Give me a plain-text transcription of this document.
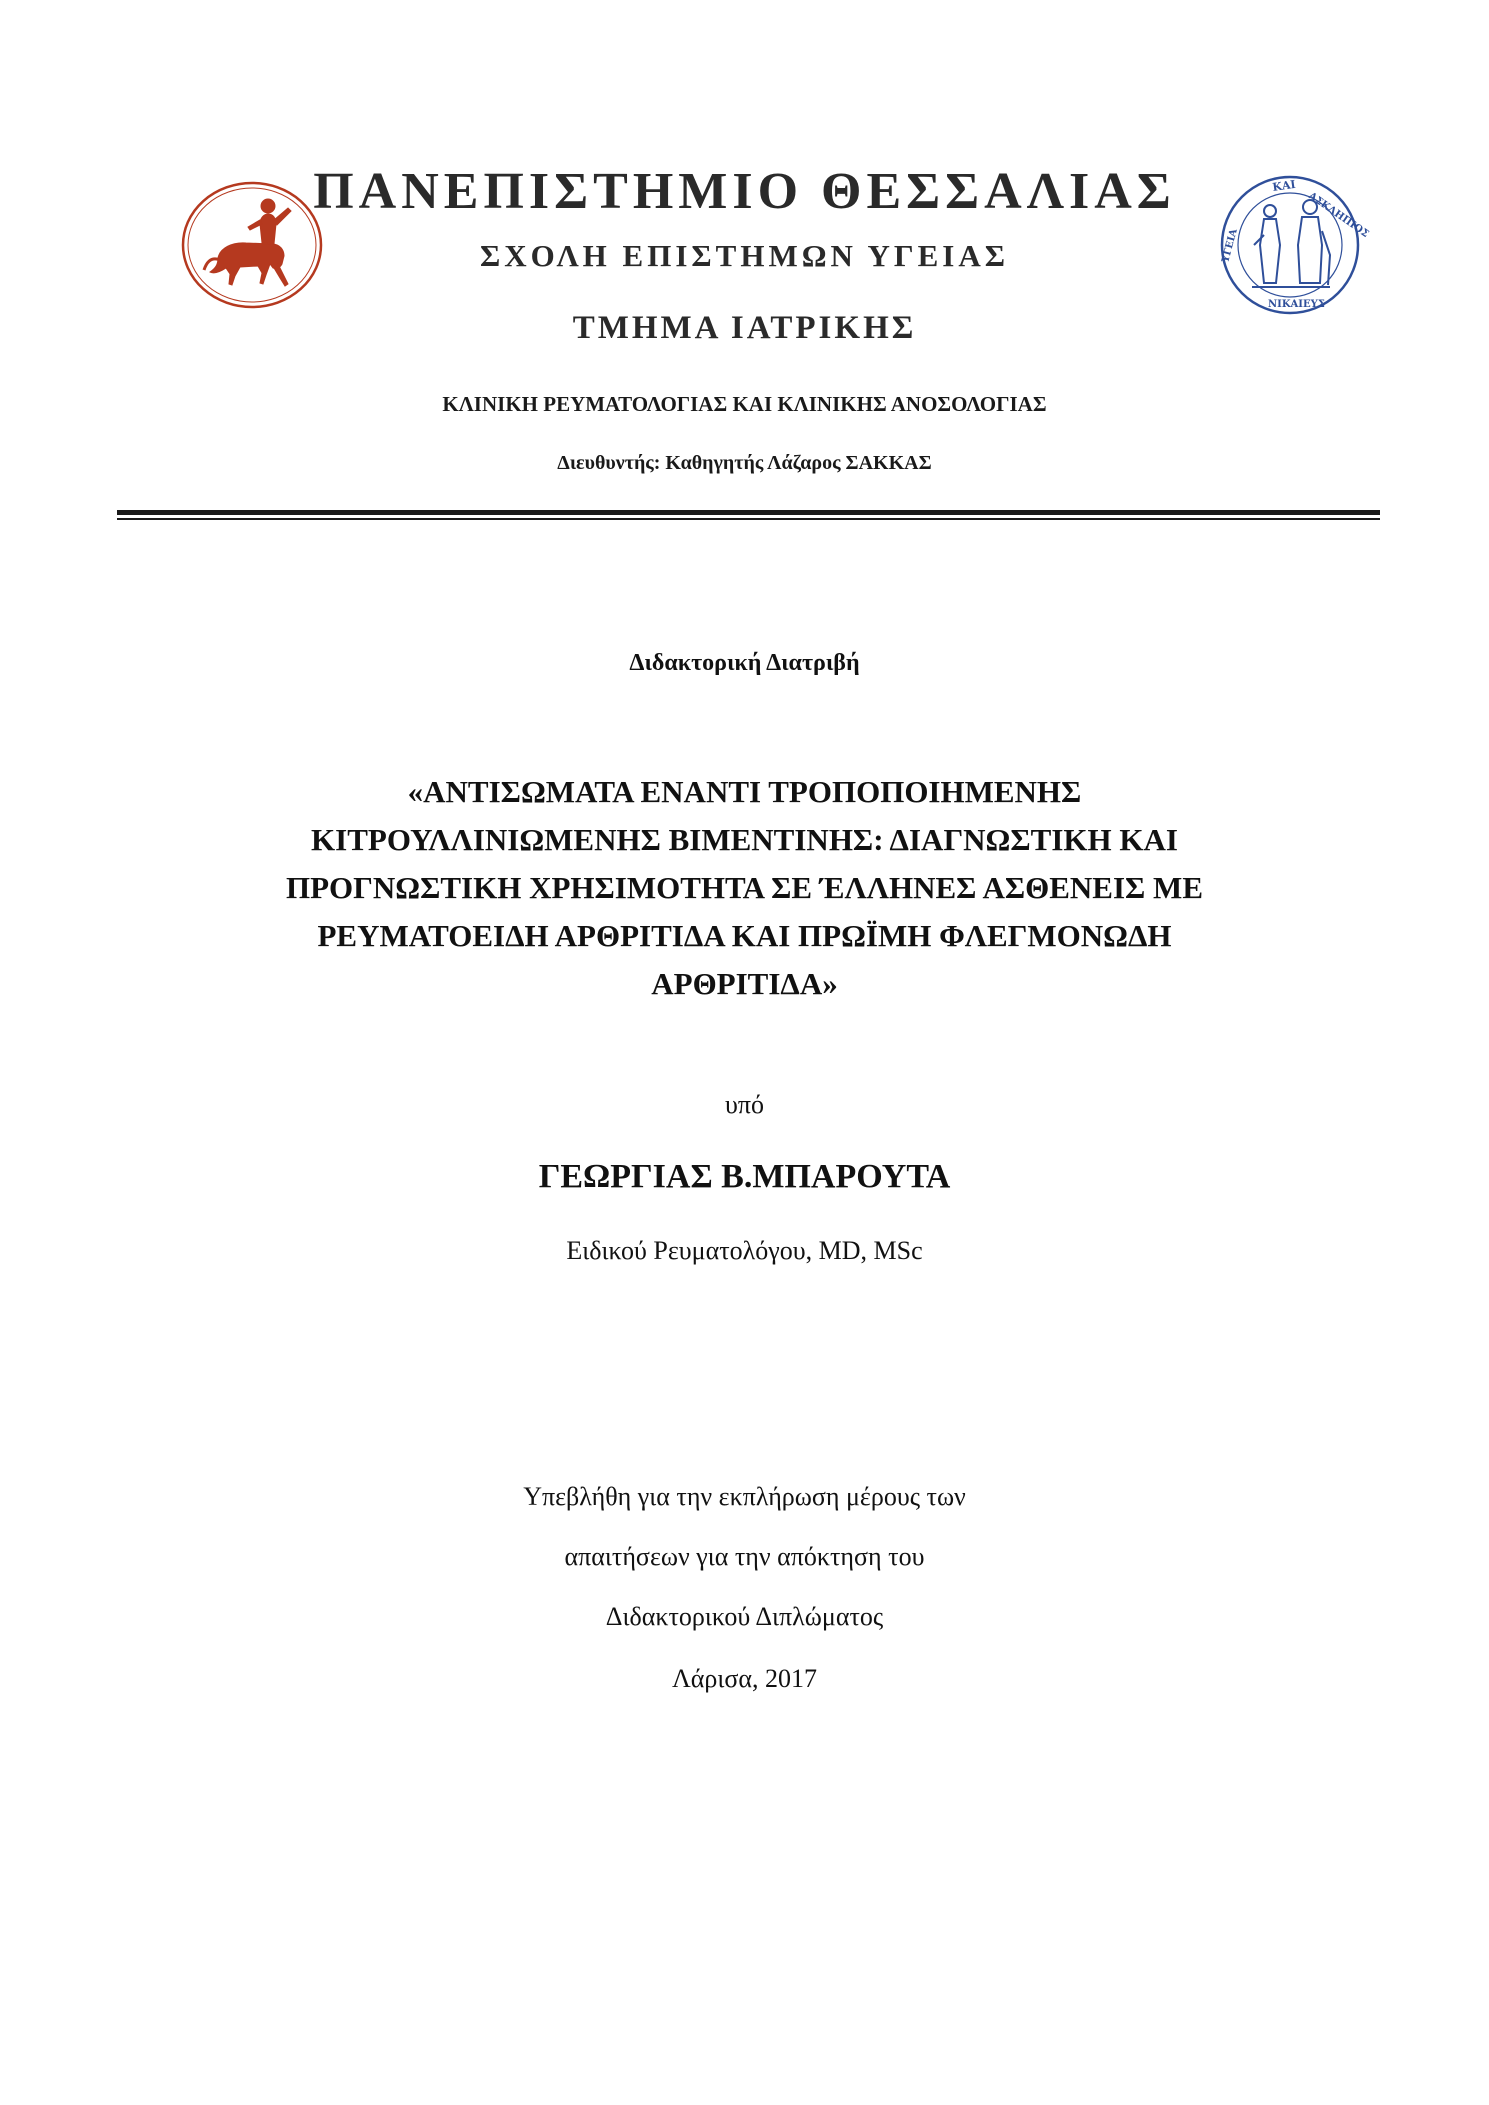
ΚΑΙ
ΑΣΚΛΗΠΙΟΣ
ΥΓΕΙΑ
ΝΙΚΑΙΕΥΣ
ΠΑΝΕΠΙΣΤΗΜΙΟ ΘΕΣΣΑΛΙΑΣ
ΣΧΟΛΗ ΕΠΙΣΤΗΜΩΝ ΥΓΕΙΑΣ
ΤΜΗΜΑ ΙΑΤΡΙΚΗΣ
ΚΛΙΝΙΚΗ ΡΕΥΜΑΤΟΛΟΓΙΑΣ ΚΑΙ ΚΛΙΝΙΚΗΣ ΑΝΟΣΟΛΟΓΙΑΣ
Διευθυντής: Καθηγητής Λάζαρος ΣΑΚΚΑΣ
Διδακτορική Διατριβή
«ΑΝΤΙΣΩΜΑΤΑ ΕΝΑΝΤΙ ΤΡΟΠΟΠΟΙΗΜΕΝΗΣ
ΚΙΤΡΟΥΛΛΙΝΙΩΜΕΝΗΣ ΒΙΜΕΝΤΙΝΗΣ: ΔΙΑΓΝΩΣΤΙΚΗ ΚΑΙ
ΠΡΟΓΝΩΣΤΙΚΗ ΧΡΗΣΙΜΟΤΗΤΑ ΣΕ ΈΛΛΗΝΕΣ ΑΣΘΕΝΕΙΣ ΜΕ
ΡΕΥΜΑΤΟΕΙΔΗ ΑΡΘΡΙΤΙΔΑ ΚΑΙ ΠΡΩΪΜΗ ΦΛΕΓΜΟΝΩΔΗ
ΑΡΘΡΙΤΙΔΑ»
υπό
ΓΕΩΡΓΙΑΣ Β.ΜΠΑΡΟΥΤΑ
Ειδικού Ρευματολόγου, MD, MSc
Υπεβλήθη για την εκπλήρωση μέρους των
απαιτήσεων για την απόκτηση του
Διδακτορικού Διπλώματος
Λάρισα, 2017
